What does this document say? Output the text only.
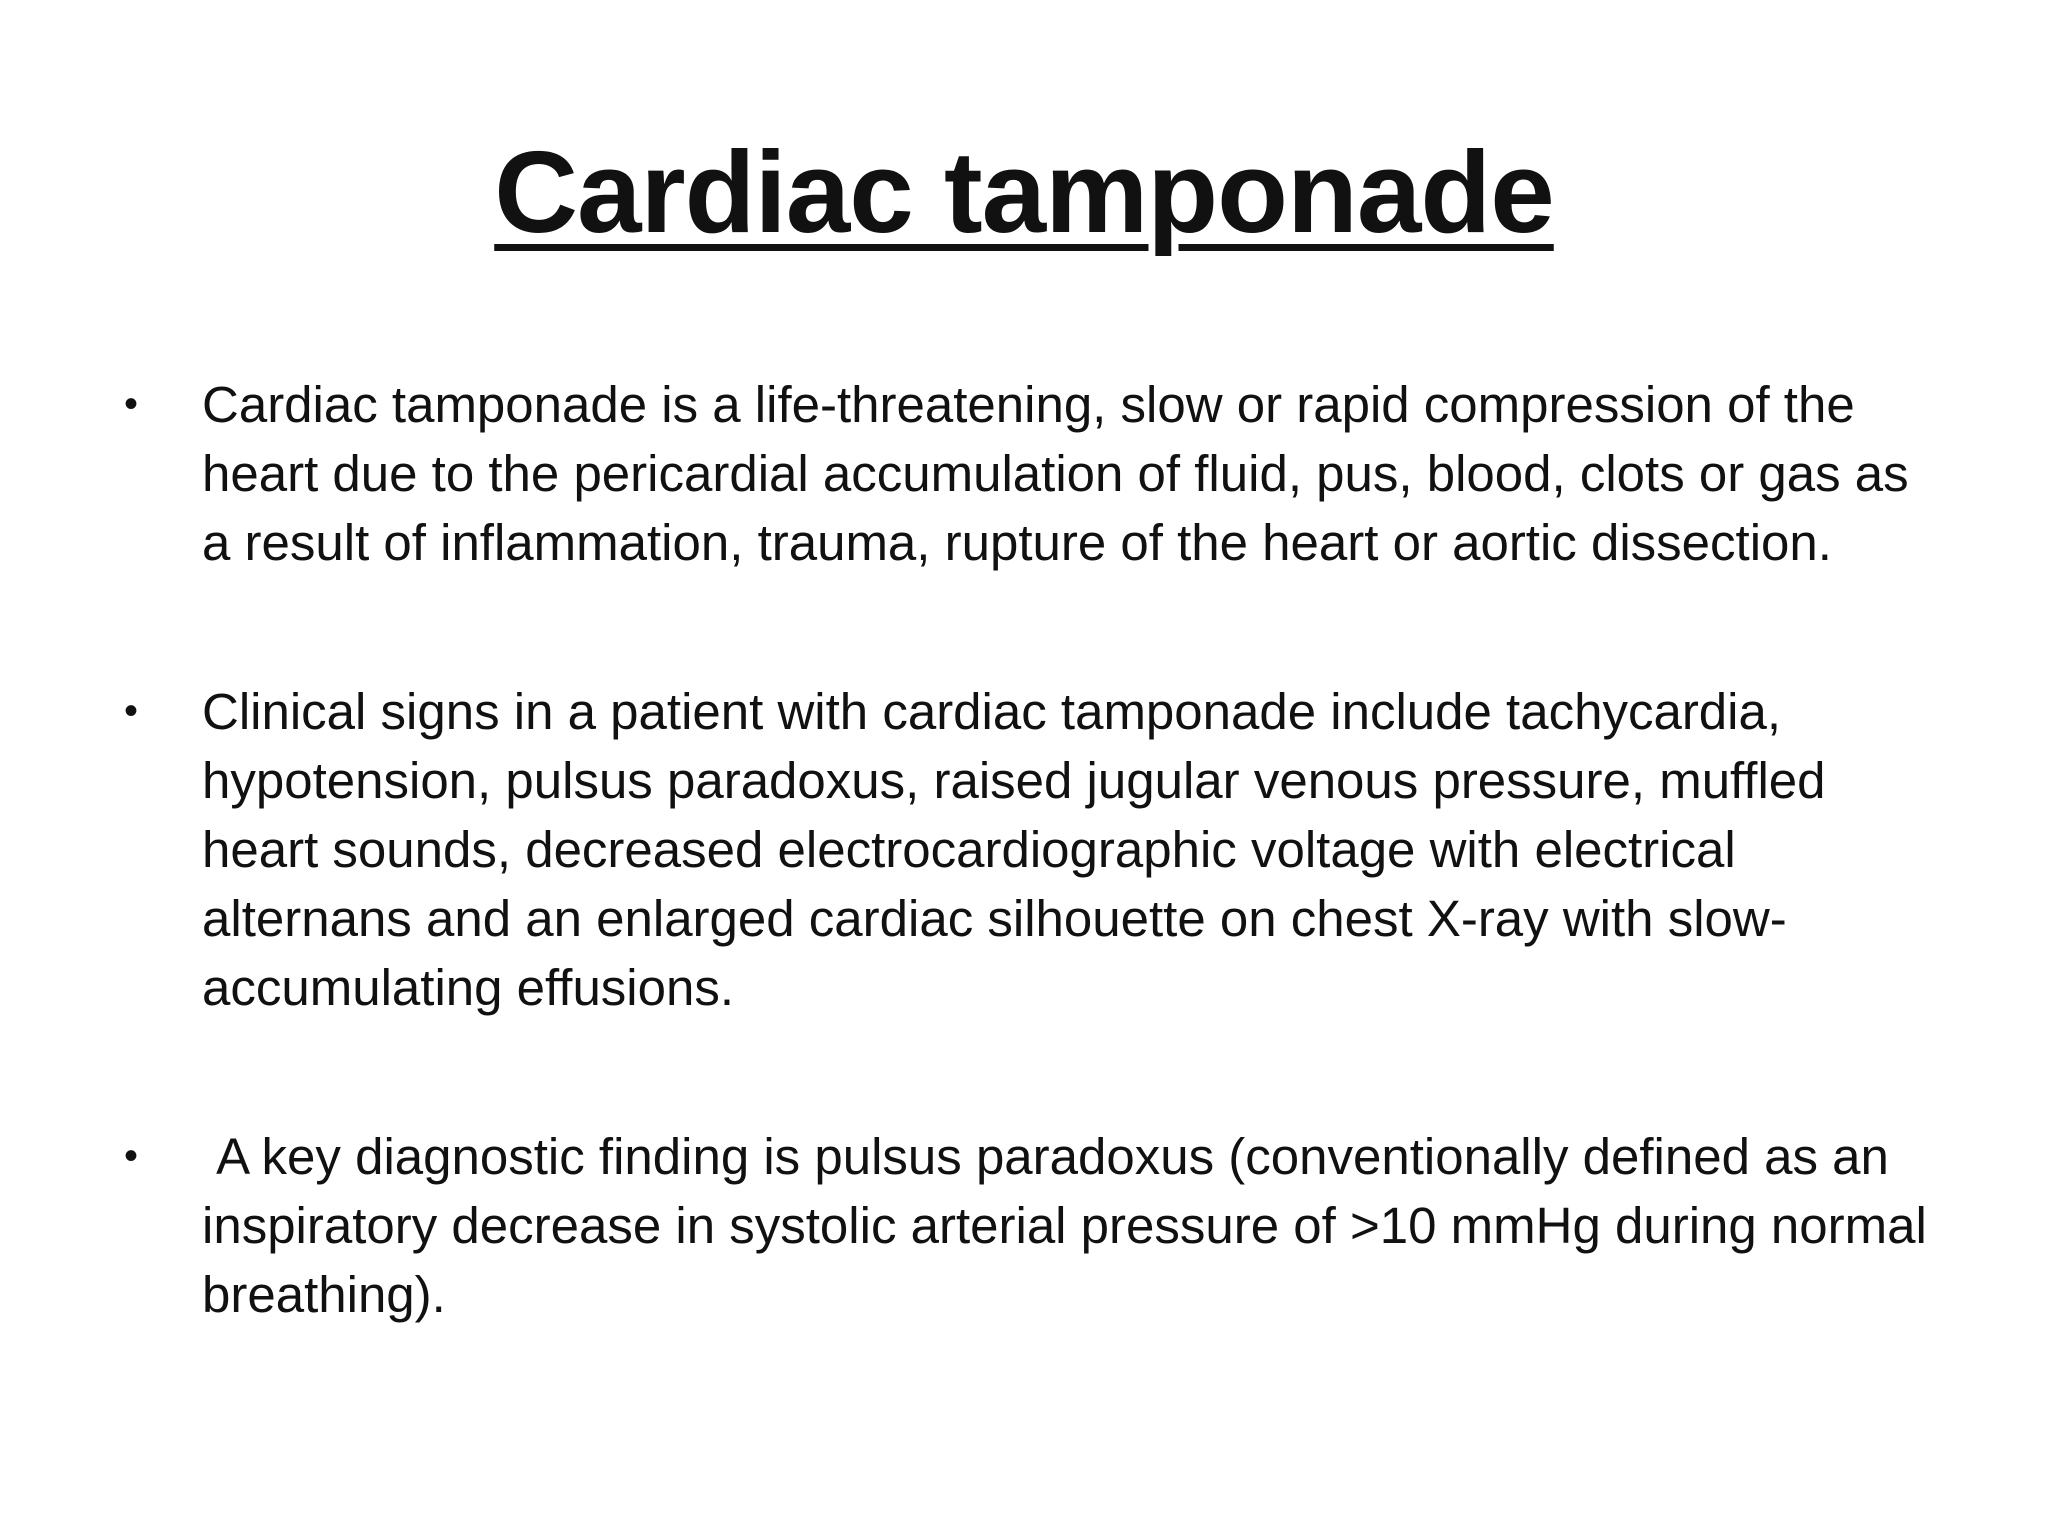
Cardiac tamponade
• Cardiac tamponade is a life-threatening, slow or rapid compression of the heart due to the pericardial accumulation of fluid, pus, blood, clots or gas as a result of inflammation, trauma, rupture of the heart or aortic dissection.
• Clinical signs in a patient with cardiac tamponade include tachycardia, hypotension, pulsus paradoxus, raised jugular venous pressure, muffled heart sounds, decreased electrocardiographic voltage with electrical alternans and an enlarged cardiac silhouette on chest X-ray with slow-accumulating effusions.
• A key diagnostic finding is pulsus paradoxus (conventionally defined as an inspiratory decrease in systolic arterial pressure of >10 mmHg during normal breathing).
